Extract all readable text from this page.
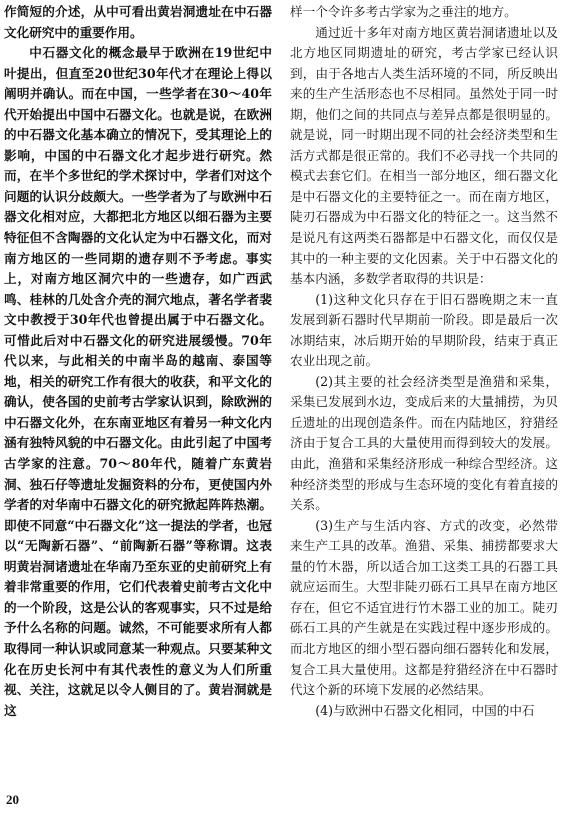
作简短的介述，从中可看出黄岩洞遗址在中石器文化研究中的重要作用。

中石器文化的概念最早于欧洲在19世纪中叶提出，但直至20世纪30年代才在理论上得以阐明并确认。而在中国，一些学者在30～40年代开始提出中国中石器文化。也就是说，在欧洲的中石器文化基本确立的情况下，受其理论上的影响，中国的中石器文化才起步进行研究。然而，在半个多世纪的学术探讨中，学者们对这个问题的认识分歧颇大。一些学者为了与欧洲中石器文化相对应，大都把北方地区以细石器为主要特征但不含陶器的文化认定为中石器文化，而对南方地区的一些同期的遗存则不予考虑。事实上，对南方地区洞穴中的一些遗存，如广西武鸣、桂林的几处含介壳的洞穴地点，著名学者裴文中教授于30年代也曾提出属于中石器文化。可惜此后对中石器文化的研究进展缓慢。70年代以来，与此相关的中南半岛的越南、泰国等地，相关的研究工作有很大的收获，和平文化的确认，使各国的史前考古学家认识到，除欧洲的中石器文化外，在东南亚地区有着另一种文化内涵有独特风貌的中石器文化。由此引起了中国考古学家的注意。70～80年代，随着广东黄岩洞、独石仔等遗址发掘资料的分布，更使国内外学者的对华南中石器文化的研究掀起阵阵热潮。即使不同意“中石器文化”这一提法的学者，也冠以“无陶新石器”、“前陶新石器”等称谓。这表明黄岩洞诸遗址在华南乃至东亚的史前研究上有着非常重要的作用，它们代表着史前考古文化中的一个阶段，这是公认的客观事实，只不过是给予什么名称的问题。诚然，不可能要求所有人都取得同一种认识或同意某一种观点。只要某种文化在历史长河中有其代表性的意义为人们所重视、关注，这就足以令人侧目的了。黄岩洞就是这

样一个令许多考古学家为之垂注的地方。

通过近十多年对南方地区黄岩洞诸遗址以及北方地区同期遗址的研究，考古学家已经认识到，由于各地古人类生活环境的不同，所反映出来的生产生活形态也不尽相同。虽然处于同一时期，他们之间的共同点与差异点都是很明显的。就是说，同一时期出现不同的社会经济类型和生活方式都是很正常的。我们不必寻找一个共同的模式去套它们。在相当一部分地区，细石器文化是中石器文化的主要特征之一。而在南方地区，陡刃石器成为中石器文化的特征之一。这当然不是说凡有这两类石器都是中石器文化，而仅仅是其中的一种主要的文化因素。关于中石器文化的基本内涵，多数学者取得的共识是：

(1)这种文化只存在于旧石器晚期之末一直发展到新石器时代早期前一阶段。即是最后一次冰期结束，冰后期开始的早期阶段，结束于真正农业出现之前。

(2)其主要的社会经济类型是渔猎和采集，采集已发展到水边，变成后来的大量捕捞，为贝丘遗址的出现创造条件。而在内陆地区，狩猎经济由于复合工具的大量使用而得到较大的发展。由此，渔猎和采集经济形成一种综合型经济。这种经济类型的形成与生态环境的变化有着直接的关系。

(3)生产与生活内容、方式的改变，必然带来生产工具的改革。渔猎、采集、捕捞都要求大量的竹木器，所以适合加工这类工具的石器工具就应运而生。大型非陡刃砾石工具早在南方地区存在，但它不适宜进行竹木器工业的加工。陡刃砾石工具的产生就是在实践过程中逐步形成的。而北方地区的细小型石器向细石器转化和发展，复合工具大量使用。这都是狩猎经济在中石器时代这个新的环境下发展的必然结果。

(4)与欧洲中石器文化相同，中国的中石

20
